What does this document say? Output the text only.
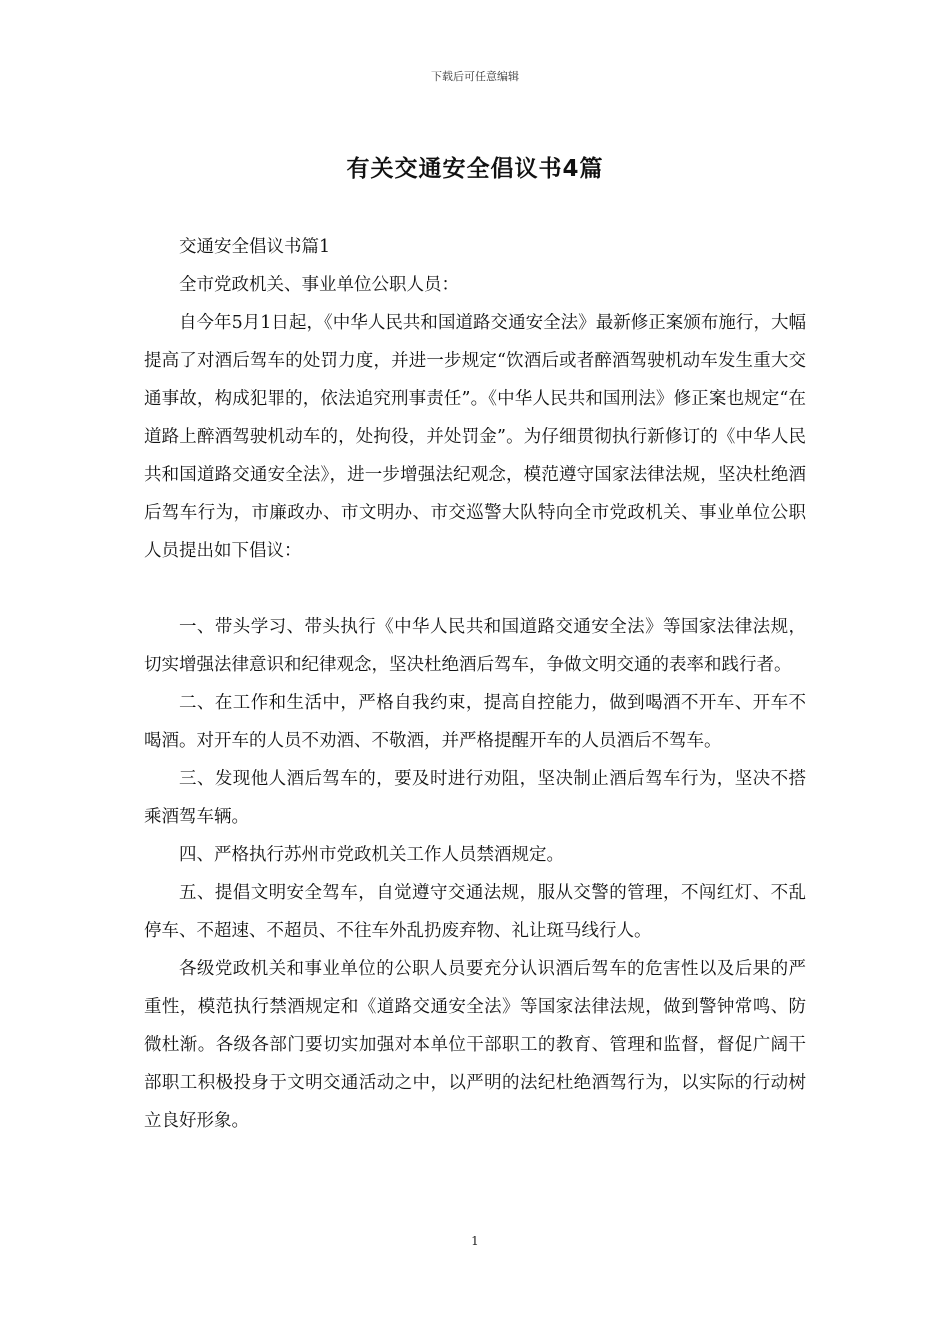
下载后可任意编辑
有关交通安全倡议书4篇

交通安全倡议书篇1

全市党政机关、事业单位公职人员：

自今年5月1日起，《中华人民共和国道路交通安全法》最新修正案颁布施行，大幅提高了对酒后驾车的处罚力度，并进一步规定“饮酒后或者醉酒驾驶机动车发生重大交通事故，构成犯罪的，依法追究刑事责任”。《中华人民共和国刑法》修正案也规定“在道路上醉酒驾驶机动车的，处拘役，并处罚金”。为仔细贯彻执行新修订的《中华人民共和国道路交通安全法》，进一步增强法纪观念，模范遵守国家法律法规，坚决杜绝酒后驾车行为，市廉政办、市文明办、市交巡警大队特向全市党政机关、事业单位公职人员提出如下倡议：

一、带头学习、带头执行《中华人民共和国道路交通安全法》等国家法律法规，切实增强法律意识和纪律观念，坚决杜绝酒后驾车，争做文明交通的表率和践行者。

二、在工作和生活中，严格自我约束，提高自控能力，做到喝酒不开车、开车不喝酒。对开车的人员不劝酒、不敬酒，并严格提醒开车的人员酒后不驾车。

三、发现他人酒后驾车的，要及时进行劝阻，坚决制止酒后驾车行为，坚决不搭乘酒驾车辆。

四、严格执行苏州市党政机关工作人员禁酒规定。

五、提倡文明安全驾车，自觉遵守交通法规，服从交警的管理，不闯红灯、不乱停车、不超速、不超员、不往车外乱扔废弃物、礼让斑马线行人。

各级党政机关和事业单位的公职人员要充分认识酒后驾车的危害性以及后果的严重性，模范执行禁酒规定和《道路交通安全法》等国家法律法规，做到警钟常鸣、防微杜渐。各级各部门要切实加强对本单位干部职工的教育、管理和监督，督促广阔干部职工积极投身于文明交通活动之中，以严明的法纪杜绝酒驾行为，以实际的行动树立良好形象。

1
